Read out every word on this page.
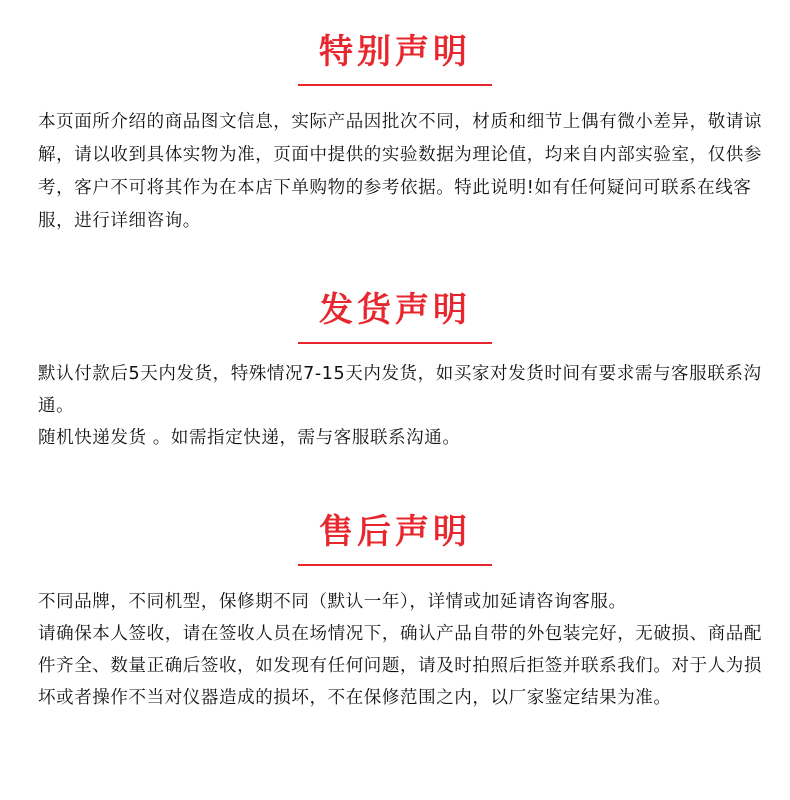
特别声明

本页面所介绍的商品图文信息，实际产品因批次不同，材质和细节上偶有微小差异，敬请谅解，请以收到具体实物为准，页面中提供的实验数据为理论值，均来自内部实验室，仅供参考，客户不可将其作为在本店下单购物的参考依据。特此说明!如有任何疑问可联系在线客服，进行详细咨询。

发货声明

默认付款后5天内发货，特殊情况7-15天内发货，如买家对发货时间有要求需与客服联系沟通。

随机快递发货 。如需指定快递，需与客服联系沟通。

售后声明

不同品牌，不同机型，保修期不同（默认一年），详情或加延请咨询客服。

请确保本人签收，请在签收人员在场情况下，确认产品自带的外包装完好，无破损、商品配件齐全、数量正确后签收，如发现有任何问题，请及时拍照后拒签并联系我们。对于人为损坏或者操作不当对仪器造成的损坏，不在保修范围之内，以厂家鉴定结果为准。
